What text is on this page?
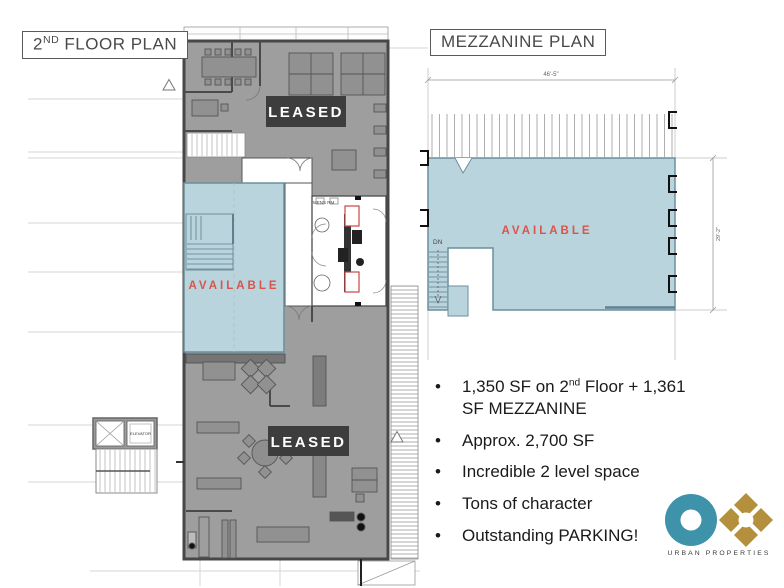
MENS RM
AVAILABLE
LEASED
LEASED
ELEVATOR
46'-5"
DN
AVAILABLE	29'-2"
2ND FLOOR PLAN	MEZZANINE PLAN
•	1,350 SF on 2nd Floor + 1,361 SF MEZZANINE
•	Approx. 2,700 SF
•	Incredible 2 level space
•	Tons of character
•	Outstanding PARKING!
URBAN PROPERTIES
